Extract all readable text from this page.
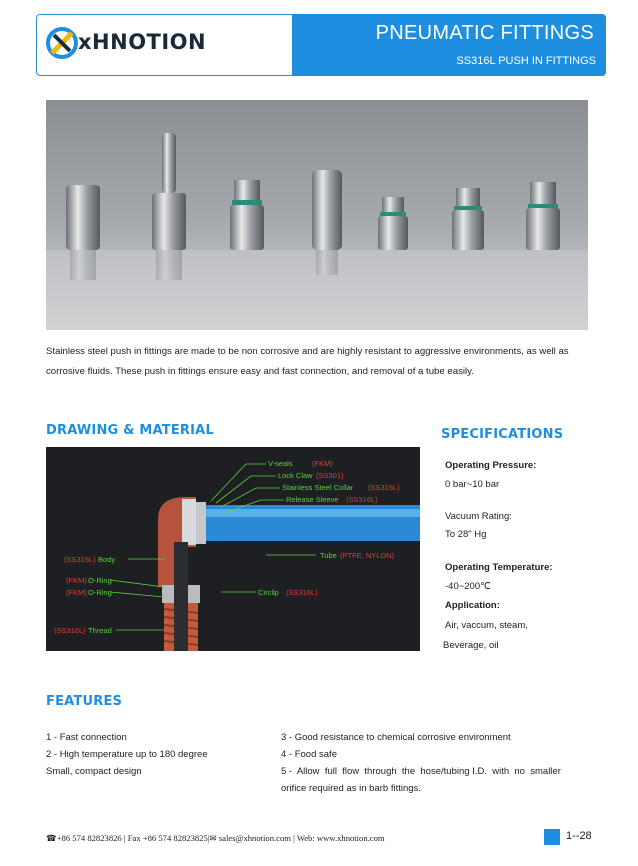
xHNOTION	PNEUMATIC FITTINGS
SS316L PUSH IN FITTINGS
Stainless steel push in fittings are made to be non corrosive and are highly resistant to aggressive environments, as well as
corrosive fluids. These push in fittings ensure easy and fast connection, and removal of a tube easily.
DRAWING & MATERIAL	SPECIFICATIONS
V-seals	(FKM)
Lock Claw (SS301)
Stainless Steel Collar (SS316L)
Release Sleeve (SS316L)
(SS316L) Body	Tube (PTFE, NYLON)
(FKM) O-Ring
(FKM) O-Ring	Circlip (SS316L)
(SS316L) Thread
Operating Pressure:
0 bar~10 bar
Vacuum Rating:
To 28" Hg
Operating Temperature:
-40~200℃
Application:
Air, vaccum, steam,
Beverage, oil
FEATURES
1 - Fast connection
2 - High temperature up to 180 degree
Small, compact design
3 - Good resistance to chemical corrosive environment
4 - Food safe
5 -  Allow  full  flow  through  the  hose/tubing I.D.  with  no  smaller
orifice required as in barb fittings.
☎+86 574 82823826 | Fax +86 574 82823825|✉ sales@xhnotion.com | Web: www.xhnotion.com	1--28
